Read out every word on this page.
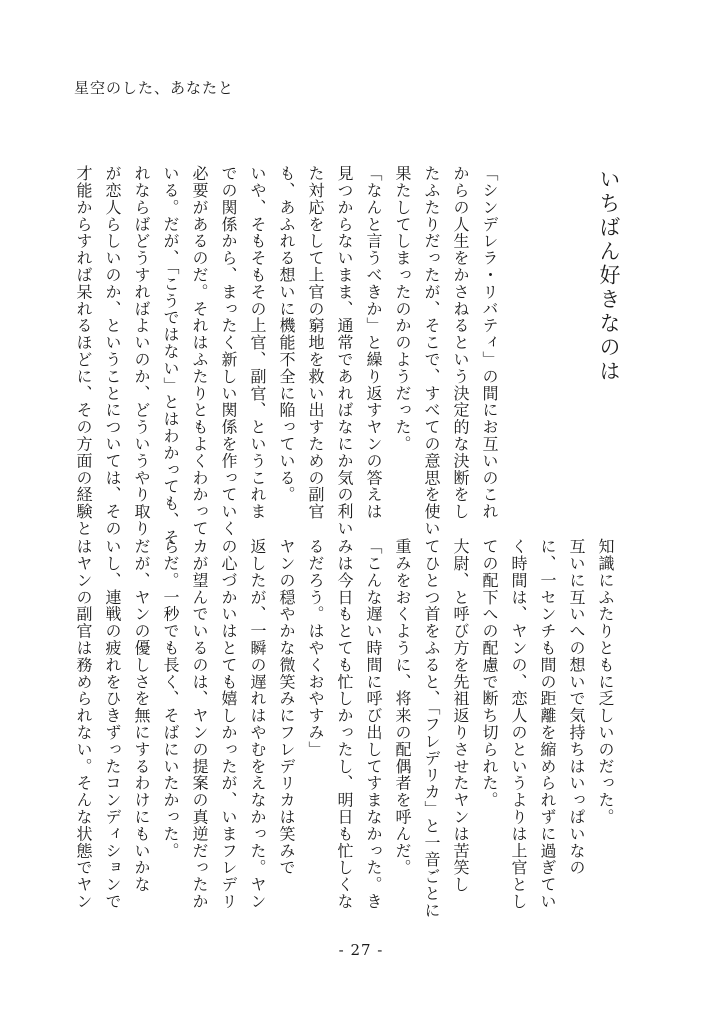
星空のした、あなたと
いちばん好きなのは

「シンデレラ・リバティ」の間にお互いのこれ

からの人生をかさねるという決定的な決断をし

たふたりだったが、そこで、すべての意思を使い

果たしてしまったのかのようだった。

「なんと言うべきか」と繰り返すヤンの答えは

見つからないまま、通常であればなにか気の利い

た対応をして上官の窮地を救い出すための副官

も、あふれる想いに機能不全に陥っている。

いや、そもそもその上官、副官、というこれま

での関係から、まったく新しい関係を作っていく

必要があるのだ。それはふたりともよくわかって

いる。だが、「こうではない」とはわかっても、そ

れならばどうすればよいのか、どういうやり取り

が恋人らしいのか、ということについては、その

才能からすれば呆れるほどに、その方面の経験と

知識にふたりともに乏しいのだった。

互いに互いへの想いで気持ちはいっぱいなの

に、一センチも間の距離を縮められずに過ぎてい

く時間は、ヤンの、恋人のというよりは上官とし

ての配下への配慮で断ち切られた。

大尉、と呼び方を先祖返りさせたヤンは苦笑し

てひとつ首をふると、「フレデリカ」と一音ごとに

重みをおくように、将来の配偶者を呼んだ。

「こんな遅い時間に呼び出してすまなかった。き

みは今日もとても忙しかったし、明日も忙しくな

るだろう。はやくおやすみ」

ヤンの穏やかな微笑みにフレデリカは笑みで

返したが、一瞬の遅れはやむをえなかった。ヤン

の心づかいはとても嬉しかったが、いまフレデリ

カが望んでいるのは、ヤンの提案の真逆だったか

らだ。一秒でも長く、そばにいたかった。

だが、ヤンの優しさを無にするわけにもいかな

いし、連戦の疲れをひきずったコンディションで

はヤンの副官は務められない。そんな状態でヤン

- 27 -
